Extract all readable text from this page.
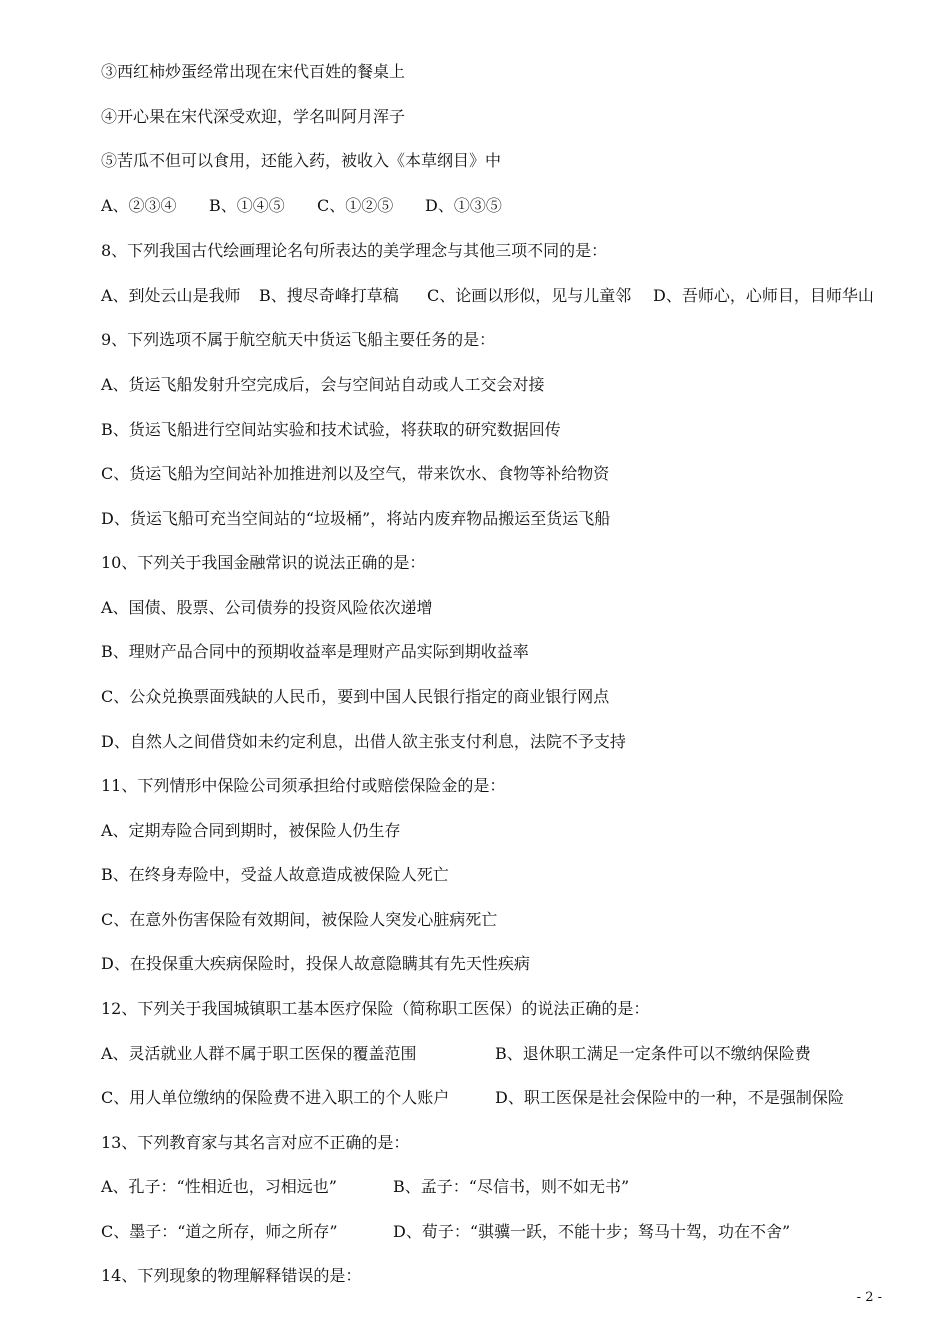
③西红柿炒蛋经常出现在宋代百姓的餐桌上
④开心果在宋代深受欢迎，学名叫阿月浑子
⑤苦瓜不但可以食用，还能入药，被收入《本草纲目》中
A、②③④	B、①④⑤	C、①②⑤	D、①③⑤
8、下列我国古代绘画理论名句所表达的美学理念与其他三项不同的是：
A、到处云山是我师	B、搜尽奇峰打草稿	C、论画以形似，见与儿童邻	D、吾师心，心师目，目师华山
9、下列选项不属于航空航天中货运飞船主要任务的是：
A、货运飞船发射升空完成后，会与空间站自动或人工交会对接
B、货运飞船进行空间站实验和技术试验，将获取的研究数据回传
C、货运飞船为空间站补加推进剂以及空气，带来饮水、食物等补给物资
D、货运飞船可充当空间站的“垃圾桶”，将站内废弃物品搬运至货运飞船
10、下列关于我国金融常识的说法正确的是：
A、国债、股票、公司债券的投资风险依次递增
B、理财产品合同中的预期收益率是理财产品实际到期收益率
C、公众兑换票面残缺的人民币，要到中国人民银行指定的商业银行网点
D、自然人之间借贷如未约定利息，出借人欲主张支付利息，法院不予支持
11、下列情形中保险公司须承担给付或赔偿保险金的是：
A、定期寿险合同到期时，被保险人仍生存
B、在终身寿险中，受益人故意造成被保险人死亡
C、在意外伤害保险有效期间，被保险人突发心脏病死亡
D、在投保重大疾病保险时，投保人故意隐瞒其有先天性疾病
12、下列关于我国城镇职工基本医疗保险（简称职工医保）的说法正确的是：
A、灵活就业人群不属于职工医保的覆盖范围	B、退休职工满足一定条件可以不缴纳保险费
C、用人单位缴纳的保险费不进入职工的个人账户	D、职工医保是社会保险中的一种，不是强制保险
13、下列教育家与其名言对应不正确的是：
A、孔子：“性相近也，习相远也”	B、孟子：“尽信书，则不如无书”
C、墨子：“道之所存，师之所存”	D、荀子：“骐骥一跃，不能十步；驽马十驾，功在不舍”
14、下列现象的物理解释错误的是：
- 2 -
